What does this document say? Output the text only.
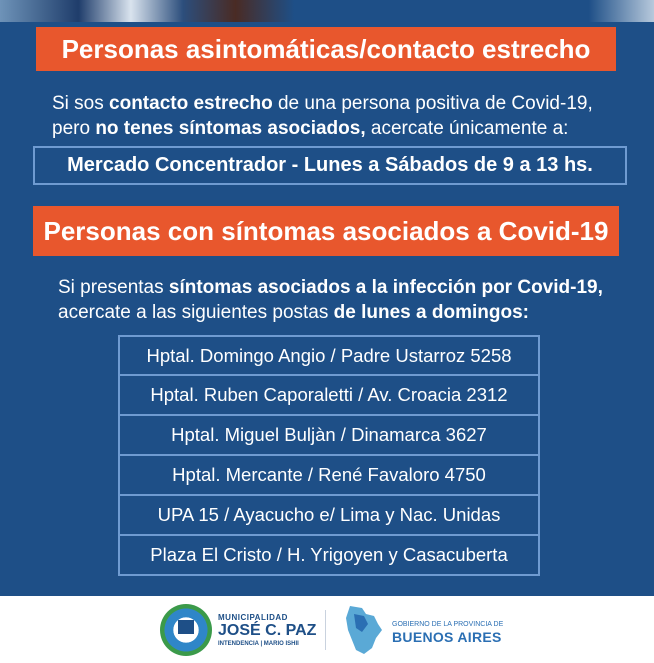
Personas asintomáticas/contacto estrecho
Si sos contacto estrecho de una persona positiva de Covid-19,
pero no tenes síntomas asociados, acercate únicamente a:
Mercado Concentrador - Lunes a Sábados de 9 a 13 hs.
Personas con síntomas asociados a Covid-19
Si presentas síntomas asociados a la infección por Covid-19,
acercate a las siguientes postas de lunes a domingos:
Hptal. Domingo Angio / Padre Ustarroz 5258
Hptal. Ruben Caporaletti / Av. Croacia 2312
Hptal. Miguel Buljàn / Dinamarca 3627
Hptal. Mercante / René Favaloro 4750
UPA 15 / Ayacucho e/ Lima y Nac. Unidas
Plaza El Cristo / H. Yrigoyen y Casacuberta
MUNICIPALIDAD
JOSÉ C. PAZ
INTENDENCIA | MARIO ISHII
GOBIERNO DE LA PROVINCIA DE
BUENOS AIRES
